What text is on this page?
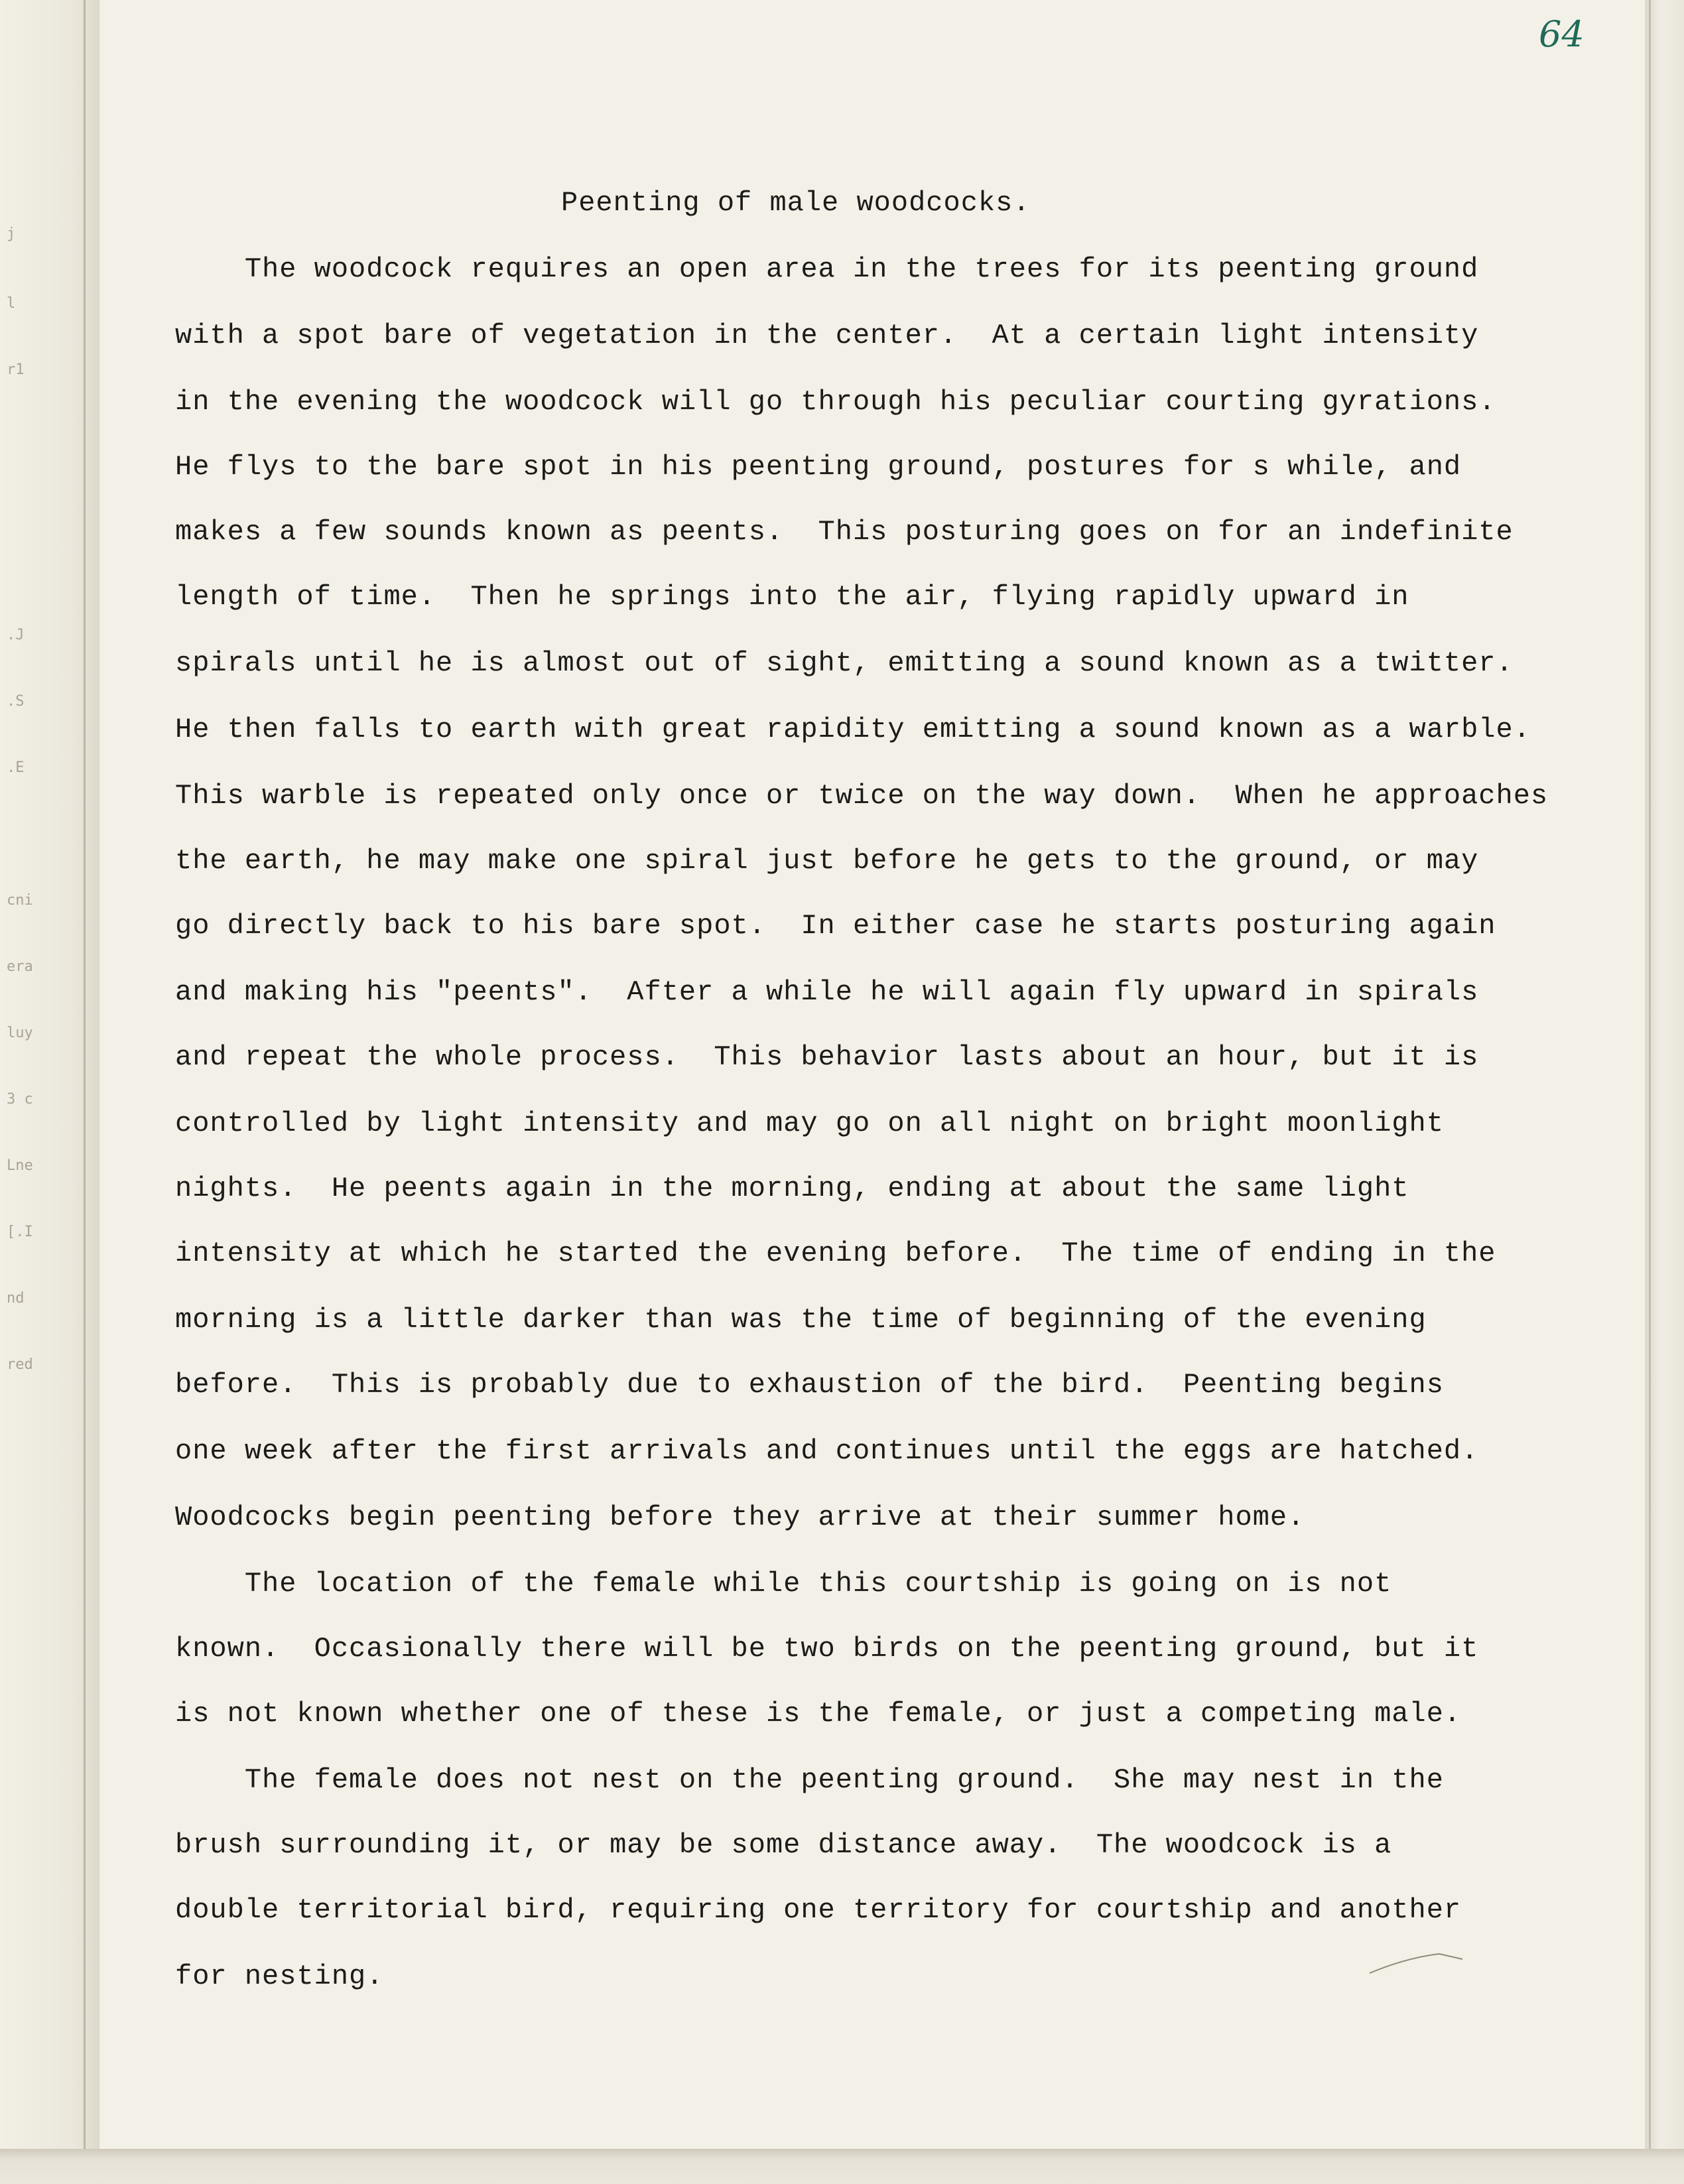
j
l
r1
.J
.S
.E
cni
era
luy
3 c
Lne
[.I
nd
red
64
Peenting of male woodcocks.
The woodcock requires an open area in the trees for its peenting ground
with a spot bare of vegetation in the center.  At a certain light intensity
in the evening the woodcock will go through his peculiar courting gyrations.
He flys to the bare spot in his peenting ground, postures for s while, and
makes a few sounds known as peents.  This posturing goes on for an indefinite
length of time.  Then he springs into the air, flying rapidly upward in
spirals until he is almost out of sight, emitting a sound known as a twitter.
He then falls to earth with great rapidity emitting a sound known as a warble.
This warble is repeated only once or twice on the way down.  When he approaches
the earth, he may make one spiral just before he gets to the ground, or may
go directly back to his bare spot.  In either case he starts posturing again
and making his "peents".  After a while he will again fly upward in spirals
and repeat the whole process.  This behavior lasts about an hour, but it is
controlled by light intensity and may go on all night on bright moonlight
nights.  He peents again in the morning, ending at about the same light
intensity at which he started the evening before.  The time of ending in the
morning is a little darker than was the time of beginning of the evening
before.  This is probably due to exhaustion of the bird.  Peenting begins
one week after the first arrivals and continues until the eggs are hatched.
Woodcocks begin peenting before they arrive at their summer home.
The location of the female while this courtship is going on is not
known.  Occasionally there will be two birds on the peenting ground, but it
is not known whether one of these is the female, or just a competing male.
The female does not nest on the peenting ground.  She may nest in the
brush surrounding it, or may be some distance away.  The woodcock is a
double territorial bird, requiring one territory for courtship and another
for nesting.
